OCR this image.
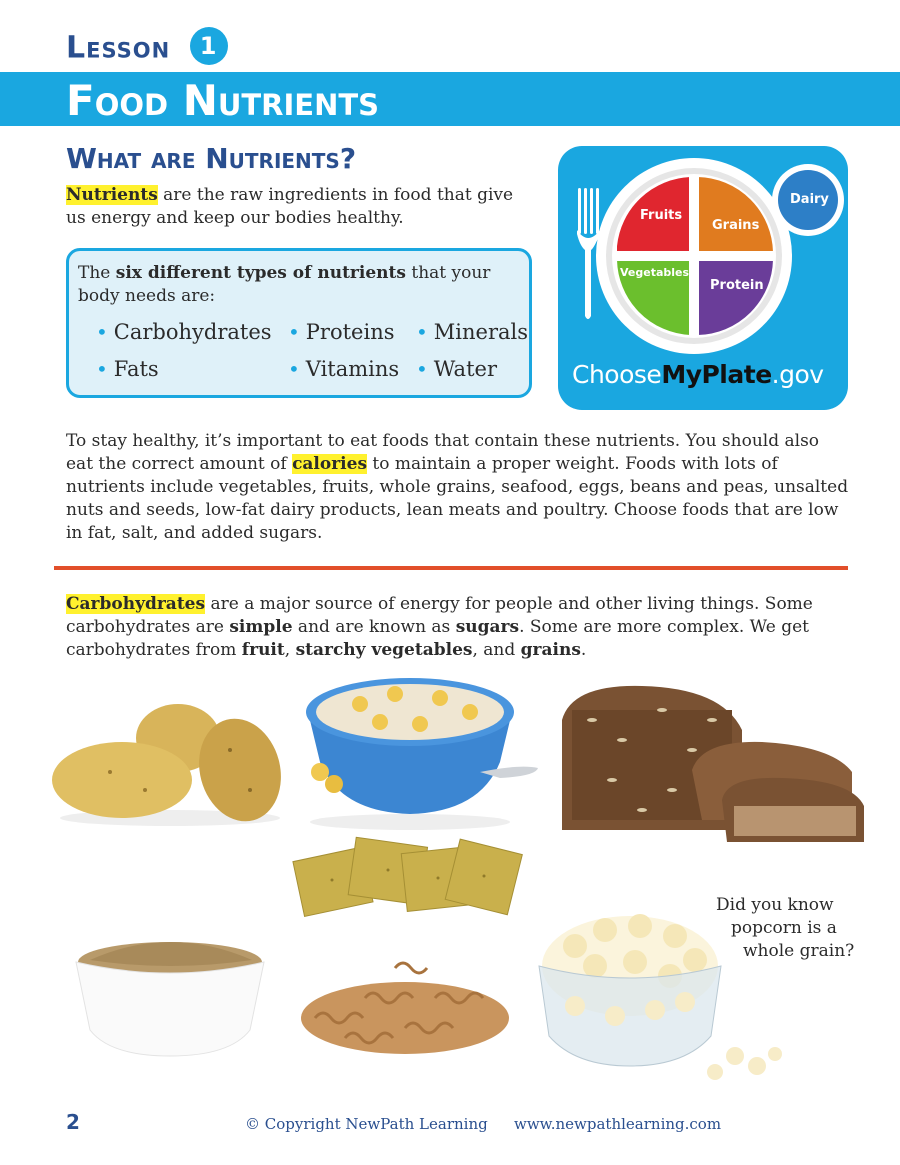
Lesson 1
Food Nutrients
What are Nutrients?
Nutrients are the raw ingredients in food that give us energy and keep our bodies healthy.
The six different types of nutrients that your body needs are:
• Carbohydrates • Proteins • Minerals
• Fats	• Vitamins • Water
Fruits
Grains
Vegetables
Protein
Dairy
ChooseMyPlate.gov
To stay healthy, it’s important to eat foods that contain these nutrients. You should also eat the correct amount of calories to maintain a proper weight. Foods with lots of nutrients include vegetables, fruits, whole grains, seafood, eggs, beans and peas, unsalted nuts and seeds, low-fat dairy products, lean meats and poultry. Choose foods that are low in fat, salt, and added sugars.
Carbohydrates are a major source of energy for people and other living things. Some carbohydrates are simple and are known as sugars. Some are more complex. We get carbohydrates from fruit, starchy vegetables, and grains.
Did you know
popcorn is a
whole grain?
2	© Copyright NewPath Learning www.newpathlearning.com
